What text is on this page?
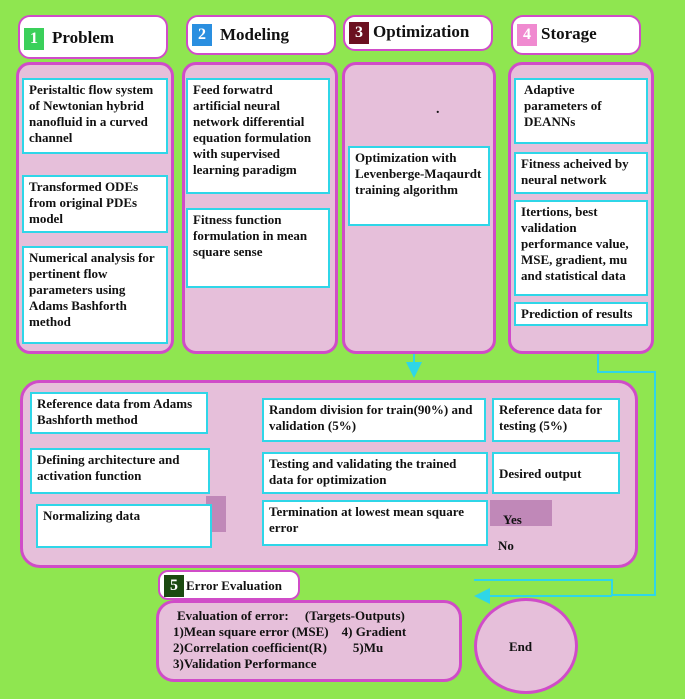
1 Problem	2 Modeling	3 Optimization	4 Storage
Peristaltic flow system of Newtonian hybrid nanofluid in a curved channel
Transformed ODEs from original PDEs model
Numerical analysis for pertinent flow parameters using Adams Bashforth method
Feed forwatrd artificial neural network differential equation formulation with supervised learning paradigm
Fitness function formulation in mean square sense
.
Optimization with Levenberge-Maqaurdt training algorithm
Adaptive parameters of DEANNs
Fitness acheived by neural network
Itertions, best validation performance value, MSE, gradient, mu and statistical data
Prediction of results
Reference data from Adams Bashforth method
Defining architecture and activation function
Normalizing data
Random division for train(90%) and validation (5%)
Testing and validating the trained data for optimization
Termination at lowest mean square error
Reference data for testing (5%)
Desired output
Yes
No
5 Error Evaluation
Evaluation of error:     (Targets-Outputs)
1)Mean square error (MSE)    4) Gradient
2)Correlation coefficient(R)        5)Mu
3)Validation Performance
End
